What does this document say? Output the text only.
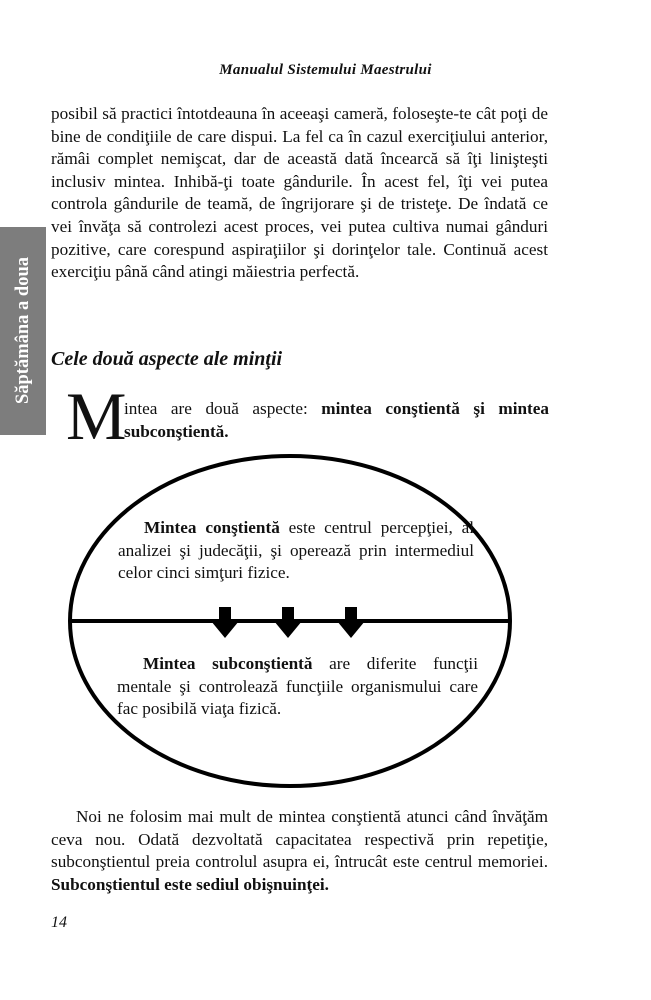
Manualul Sistemului Maestrului
Săptămâna a doua

posibil să practici întotdeauna în aceeaşi cameră, foloseşte-te cât poţi de bine de condiţiile de care dispui. La fel ca în cazul exerciţiului anterior, rămâi complet nemişcat, dar de această dată încearcă să îţi linişteşti inclusiv mintea. Inhibă-ţi toate gândurile. În acest fel, îţi vei putea controla gândurile de teamă, de îngrijorare şi de tristeţe. De îndată ce vei învăţa să controlezi acest proces, vei putea cultiva numai gânduri pozitive, care corespund aspiraţiilor şi dorinţelor tale. Continuă acest exerciţiu până când atingi măiestria perfectă.

Cele două aspecte ale minţii
M

intea are două aspecte: mintea conştientă şi mintea
subconştientă.

Mintea conştientă este centrul percepţiei, al analizei şi judecăţii, şi operează prin intermediul celor cinci simţuri fizice.

Mintea subconştientă are diferite funcţii mentale şi controlează funcţiile organismului care fac posibilă viaţa fizică.

Noi ne folosim mai mult de mintea conştientă atunci când învăţăm ceva nou. Odată dezvoltată capacitatea respectivă prin repetiţie, subconştientul preia controlul asupra ei, întrucât este centrul memoriei. Subconştientul este sediul obişnuinţei.

14
